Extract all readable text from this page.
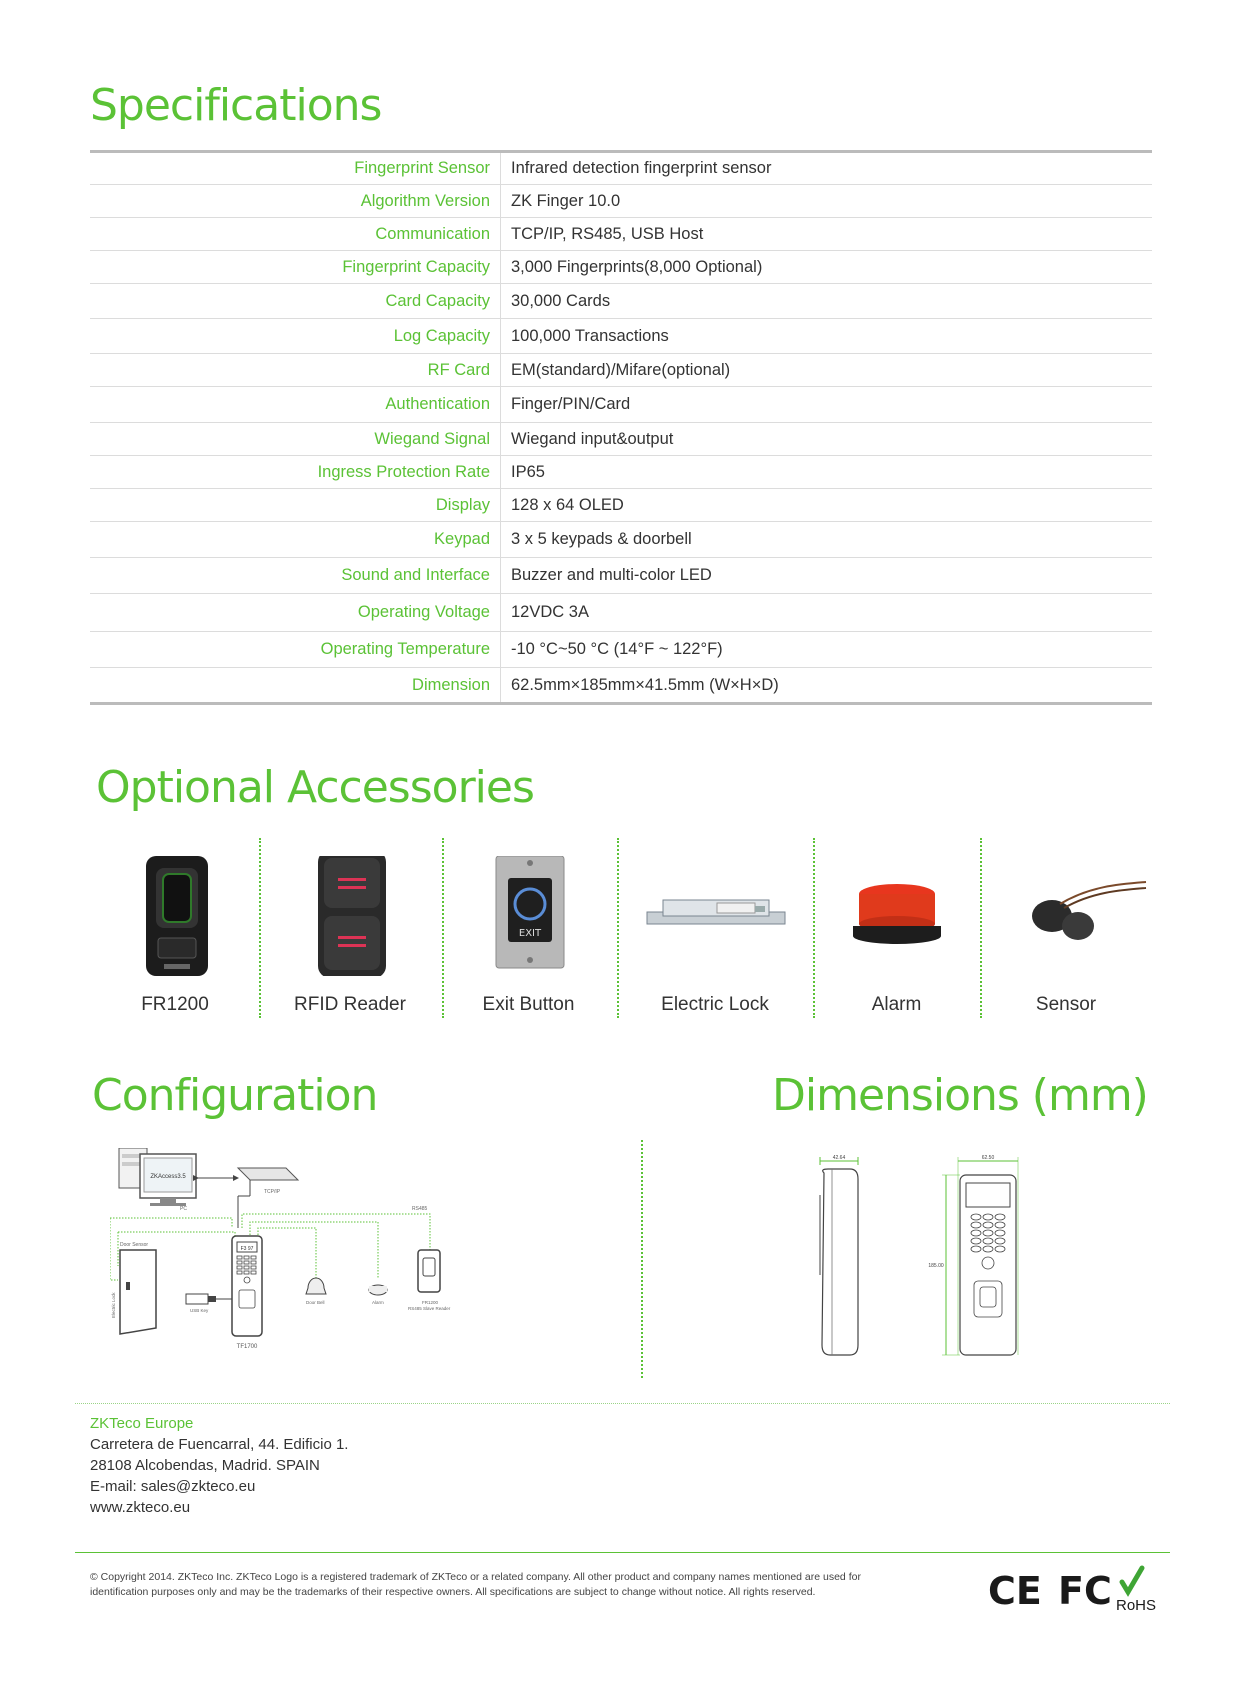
Specifications
Fingerprint Sensor	Infrared detection fingerprint sensor
Algorithm Version	ZK Finger 10.0
Communication	TCP/IP, RS485, USB Host
Fingerprint Capacity	3,000 Fingerprints(8,000 Optional)
Card Capacity	30,000 Cards
Log Capacity	100,000 Transactions
RF Card	EM(standard)/Mifare(optional)
Authentication	Finger/PIN/Card
Wiegand Signal	Wiegand input&output
Ingress Protection Rate	IP65
Display	128 x 64 OLED
Keypad	3 x 5 keypads & doorbell
Sound and Interface	Buzzer and multi-color LED
Operating Voltage	12VDC 3A
Operating Temperature	-10 °C~50 °C (14°F ~ 122°F)
Dimension	62.5mm×185mm×41.5mm (W×H×D)
Optional Accessories
FR1200	RFID Reader
EXIT
Exit Button	Electric Lock	Alarm	Sensor
Configuration	Dimensions (mm)
ZKAccess3.5
PC
TCP/IP
RS485
Door Sensor
Electric Lock
F3 97
TF1700
USB Key
Door Bell	Alarm	FR1200
RS485 Slave Reader
42.64	62.50
185.00
ZKTeco Europe
Carretera de Fuencarral, 44. Edificio 1.
28108 Alcobendas, Madrid. SPAIN
E-mail: sales@zkteco.eu
www.zkteco.eu
© Copyright 2014. ZKTeco Inc. ZKTeco Logo is a registered trademark of ZKTeco or a related company. All other product and company names mentioned are used for identification purposes only and may be the trademarks of their respective owners. All specifications are subject to change without notice. All rights reserved.	CE FC RoHS
